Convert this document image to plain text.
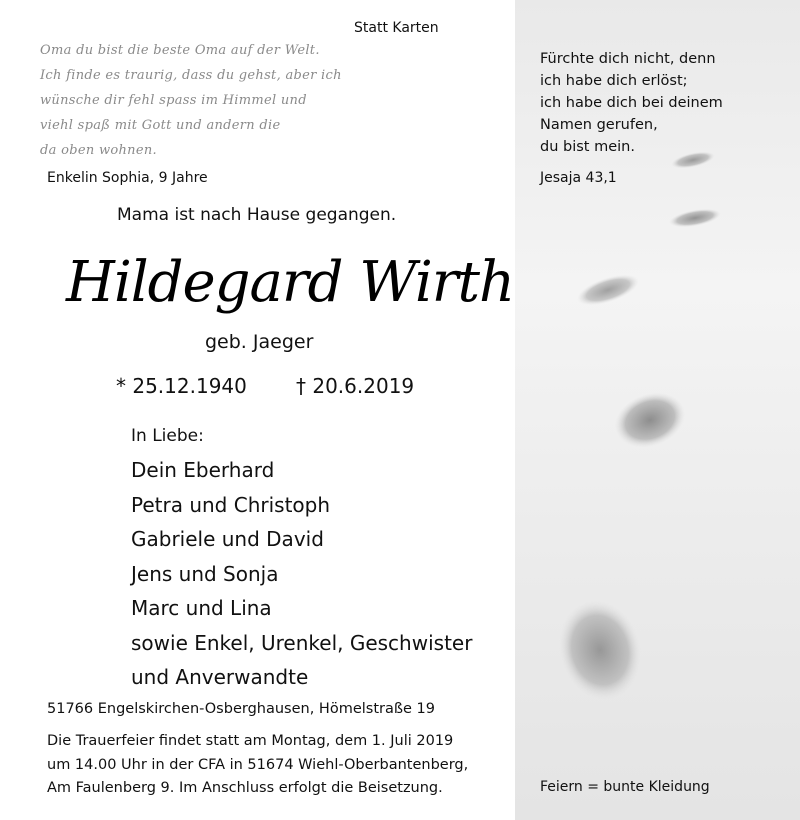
Statt Karten
Oma du bist die beste Oma auf der Welt.
Ich finde es traurig, dass du gehst, aber ich
wünsche dir fehl spass im Himmel und
viehl spaß mit Gott und andern die
da oben wohnen.
Enkelin Sophia, 9 Jahre
Mama ist nach Hause gegangen.
Hildegard Wirth
geb. Jaeger
* 25.12.1940 † 20.6.2019
In Liebe:
Dein Eberhard
Petra und Christoph
Gabriele und David
Jens und Sonja
Marc und Lina
sowie Enkel, Urenkel, Geschwister
und Anverwandte
51766 Engelskirchen-Osberghausen, Hömelstraße 19
Die Trauerfeier findet statt am Montag, dem 1. Juli 2019
um 14.00 Uhr in der CFA in 51674 Wiehl-Oberbantenberg,
Am Faulenberg 9. Im Anschluss erfolgt die Beisetzung.
Fürchte dich nicht, denn
ich habe dich erlöst;
ich habe dich bei deinem
Namen gerufen,
du bist mein.
Jesaja 43,1
Feiern = bunte Kleidung
